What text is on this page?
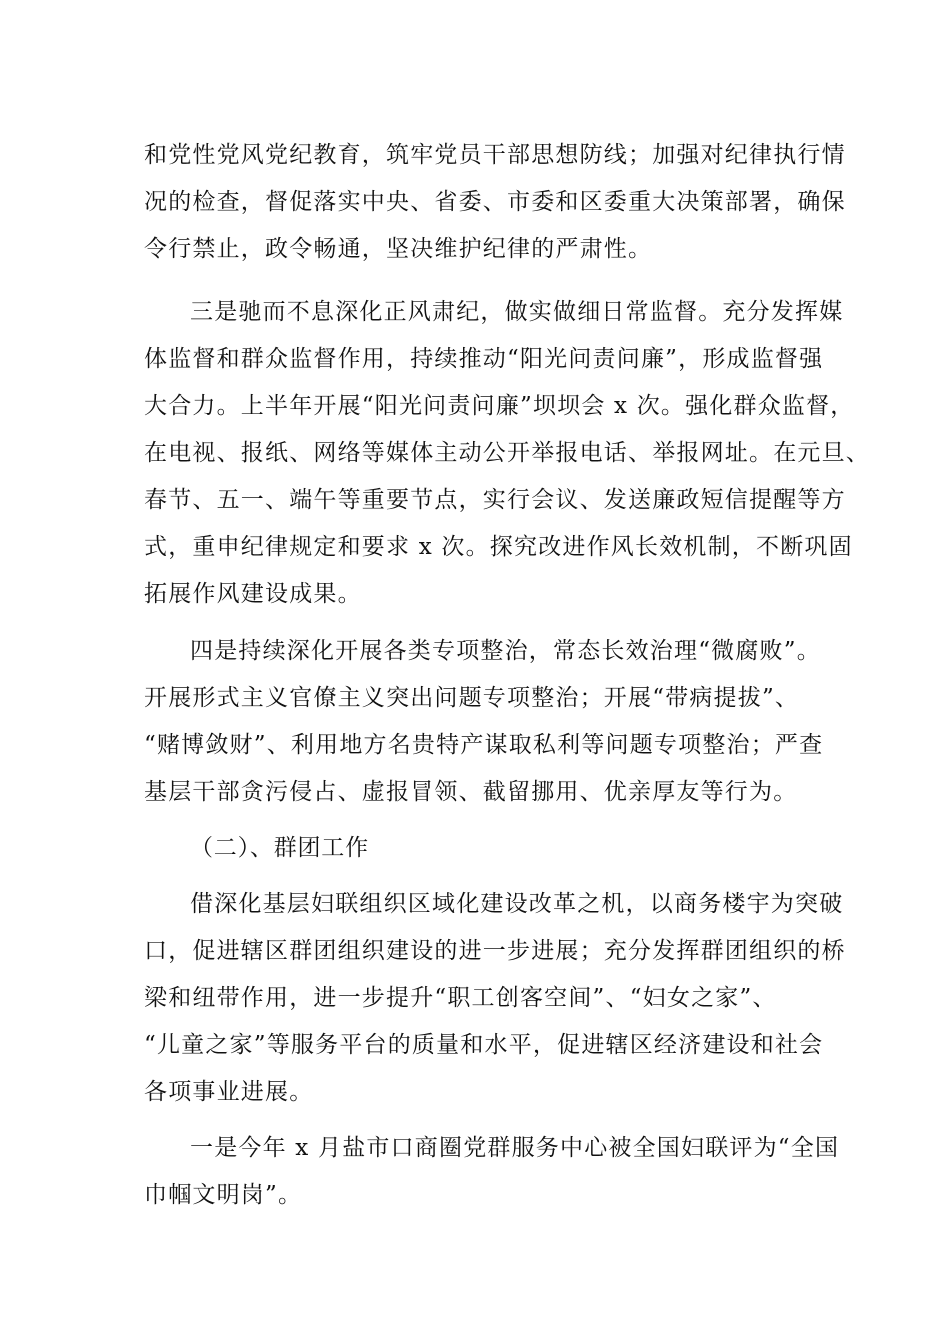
和党性党风党纪教育，筑牢党员干部思想防线；加强对纪律执行情
况的检查，督促落实中央、省委、市委和区委重大决策部署，确保
令行禁止，政令畅通，坚决维护纪律的严肃性。
三是驰而不息深化正风肃纪，做实做细日常监督。充分发挥媒
体监督和群众监督作用，持续推动“阳光问责问廉”，形成监督强
大合力。上半年开展“阳光问责问廉”坝坝会 x 次。强化群众监督，
在电视、报纸、网络等媒体主动公开举报电话、举报网址。在元旦、
春节、五一、端午等重要节点，实行会议、发送廉政短信提醒等方
式，重申纪律规定和要求 x 次。探究改进作风长效机制，不断巩固
拓展作风建设成果。
四是持续深化开展各类专项整治，常态长效治理“微腐败”。
开展形式主义官僚主义突出问题专项整治；开展“带病提拔”、
“赌博敛财”、利用地方名贵特产谋取私利等问题专项整治；严查
基层干部贪污侵占、虚报冒领、截留挪用、优亲厚友等行为。
（二）、群团工作
借深化基层妇联组织区域化建设改革之机，以商务楼宇为突破
口，促进辖区群团组织建设的进一步进展；充分发挥群团组织的桥
梁和纽带作用，进一步提升“职工创客空间”、“妇女之家”、
“儿童之家”等服务平台的质量和水平，促进辖区经济建设和社会
各项事业进展。
一是今年 x 月盐市口商圈党群服务中心被全国妇联评为“全国
巾帼文明岗”。
